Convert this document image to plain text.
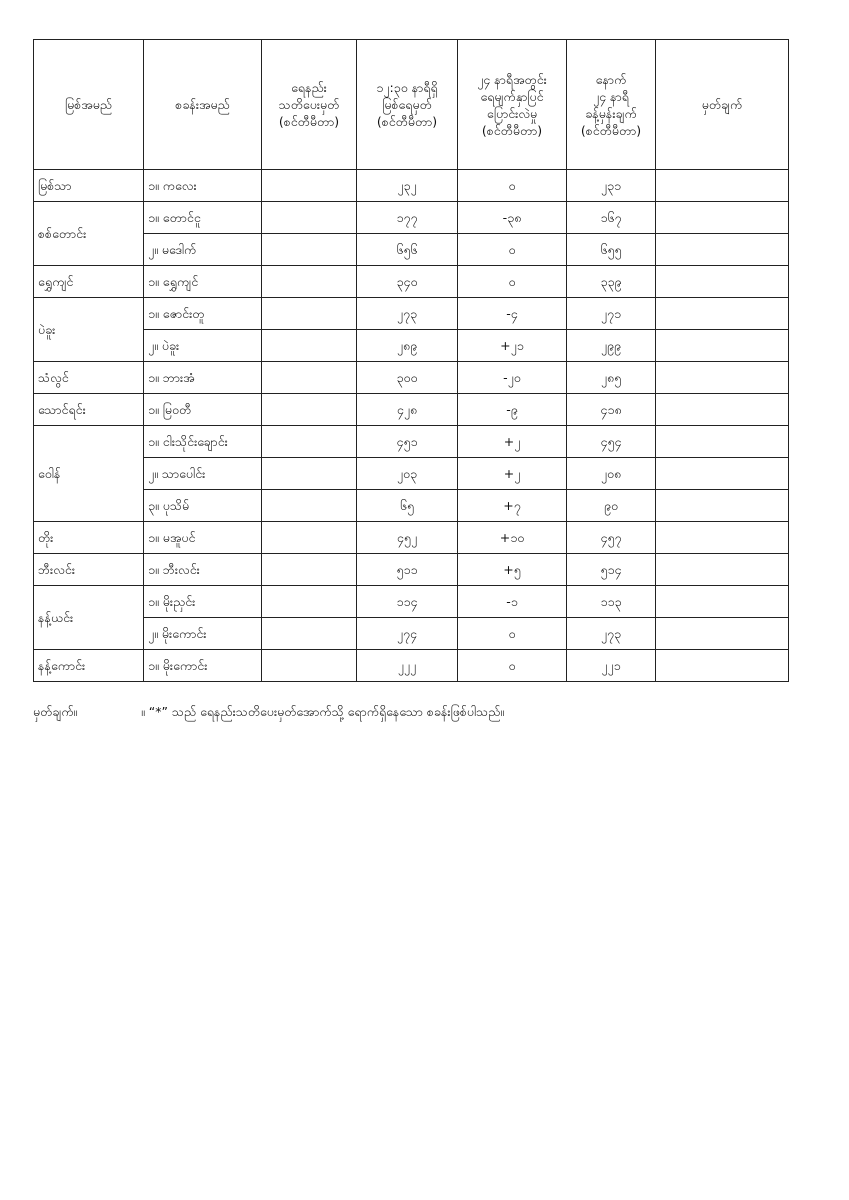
မြစ်အမည်	စခန်းအမည်	ရေနည်း
သတိပေးမှတ်
(စင်တီမီတာ)	၁၂:၃၀ နာရီရှိ
မြစ်ရေမှတ်
(စင်တီမီတာ)	၂၄ နာရီအတွင်း
ရေမျက်နှာပြင်
ပြောင်းလဲမှု
(စင်တီမီတာ)	နောက်
၂၄ နာရီ
ခန့်မှန်းချက်
(စင်တီမီတာ)	မှတ်ချက်

မြစ်သာ	၁။ ကလေး		၂၃၂	၀	၂၃၁	
စစ်တောင်း	၁။ တောင်ငူ		၁၇၇	-၃၈	၁၆၇	
	၂။ မဒေါက်		၆၅၆	၀	၆၅၅	
ရွှေကျင်	၁။ ရွှေကျင်		၃၄၀	၀	၃၃၉	
ပဲခူး	၁။ ဇောင်းတူ		၂၇၃	-၄	၂၇၁	
	၂။ ပဲခူး		၂၈၉	+၂၁	၂၉၉	
သံလွင်	၁။ ဘားအံ		၃၀၀	-၂၀	၂၈၅	
သောင်ရင်း	၁။ မြဝတီ		၄၂၈	-၉	၄၁၈	
ဝေါန်	၁။ ငါးသိုင်းချောင်း		၄၅၁	+၂	၄၅၄	
	၂။ သာပေါင်း		၂၀၃	+၂	၂၀၈	
	၃။ ပုသိမ်		၆၅	+၇	၉၀	
တိုး	၁။ မအူပင်		၄၅၂	+၁၀	၄၅၇	
ဘီးလင်း	၁။ ဘီးလင်း		၅၁၁	+၅	၅၁၄	
နန့်ယင်း	၁။ မိုးညှင်း		၁၁၄	-၁	၁၁၃	
	၂။ မိုးကောင်း		၂၇၄	၀	၂၇၃	
နန့်ကောင်း	၁။ မိုးကောင်း		၂၂၂	၀	၂၂၁	
မှတ်ချက်။	။ “*” သည် ရေနည်းသတိပေးမှတ်အောက်သို့ ရောက်ရှိနေသော စခန်းဖြစ်ပါသည်။
